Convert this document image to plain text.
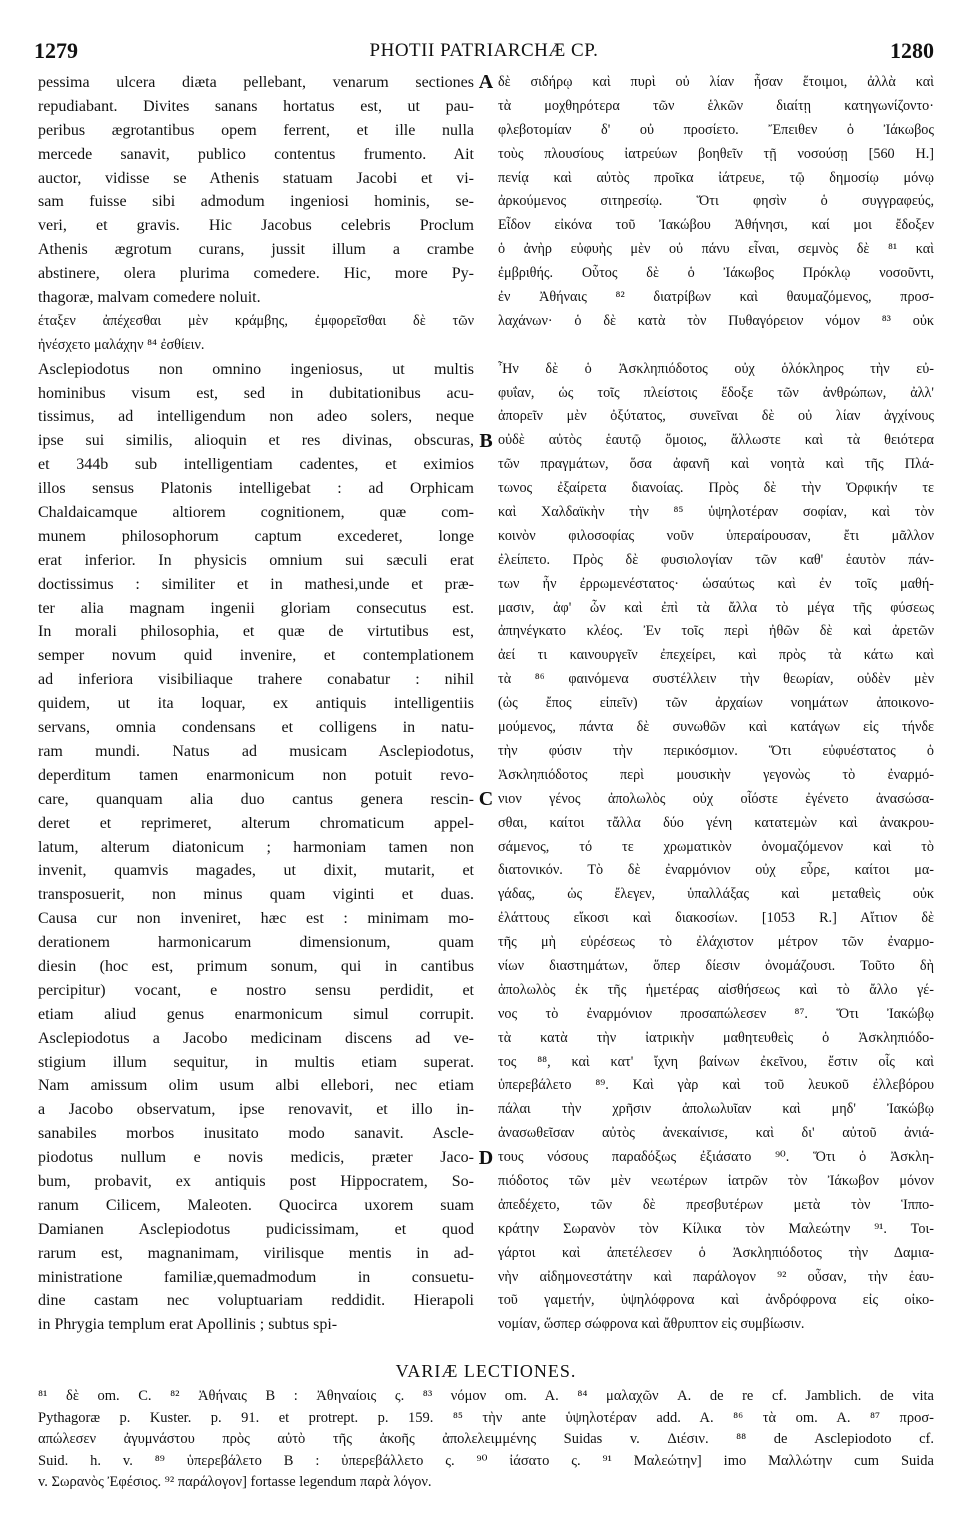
1279	PHOTII PATRIARCHÆ CP.	1280
pessima ulcera diæta pellebant, venarum sectiones
repudiabant. Divites sanans hortatus est, ut pau-
peribus ægrotantibus opem ferrent, et ille nulla
mercede sanavit, publico contentus frumento. Ait
auctor, vidisse se Athenis statuam Jacobi et vi-
sam fuisse sibi admodum ingeniosi hominis, se-
veri, et gravis. Hic Jacobus celebris Proclum
Athenis ægrotum curans, jussit illum a crambe
abstinere, olera plurima comedere. Hic, more Py-
thagoræ, malvam comedere noluit.
έταξεν ἀπέχεσθαι μὲν κράμβης, ἐμφορεῖσθαι δὲ τῶν
ἠνέσχετο μαλάχην ⁸⁴ ἐσθίειν.
Asclepiodotus non omnino ingeniosus, ut multis
hominibus visum est, sed in dubitationibus acu-
tissimus, ad intelligendum non adeo solers, neque
ipse sui similis, alioquin et res divinas, obscuras,
et 344b sub intelligentiam cadentes, et eximios
illos sensus Platonis intelligebat : ad Orphicam
Chaldaicamque altiorem cognitionem, quæ com-
munem philosophorum captum excederet, longe
erat inferior. In physicis omnium sui sæculi erat
doctissimus : similiter et in mathesi,unde et præ-
ter alia magnam ingenii gloriam consecutus est.
In morali philosophia, et quæ de virtutibus est,
semper novum quid invenire, et contemplationem
ad inferiora visibiliaque trahere conabatur : nihil
quidem, ut ita loquar, ex antiquis intelligentiis
servans, omnia condensans et colligens in natu-
ram mundi. Natus ad musicam Asclepiodotus,
deperditum tamen enarmonicum non potuit revo-
care, quanquam alia duo cantus genera rescin-
deret et reprimeret, alterum chromaticum appel-
latum, alterum diatonicum ; harmoniam tamen non
invenit, quamvis magades, ut dixit, mutarit, et
transposuerit, non minus quam viginti et duas.
Causa cur non inveniret, hæc est : minimam mo-
derationem harmonicarum dimensionum, quam
diesin (hoc est, primum sonum, qui in cantibus
percipitur) vocant, e nostro sensu perdidit, et
etiam aliud genus enarmonicum simul corrupit.
Asclepiodotus a Jacobo medicinam discens ad ve-
stigium illum sequitur, in multis etiam superat.
Nam amissum olim usum albi ellebori, nec etiam
a Jacobo observatum, ipse renovavit, et illo in-
sanabiles morbos inusitato modo sanavit. Ascle-
piodotus nullum e novis medicis, præter Jaco-
bum, probavit, ex antiquis post Hippocratem, So-
ranum Cilicem, Maleoten. Quocirca uxorem suam
Damianen Asclepiodotus pudicissimam, et quod
rarum est, magnanimam, virilisque mentis in ad-
ministratione familiæ,quemadmodum in consuetu-
dine castam nec voluptuariam reddidit. Hierapoli
in Phrygia templum erat Apollinis ; subtus spi-
A
B
C
D
δὲ σιδήρῳ καὶ πυρὶ οὐ λίαν ἦσαν ἕτοιμοι, ἀλλὰ καὶ
τὰ μοχθηρότερα τῶν ἑλκῶν διαίτῃ κατηγωνίζοντο·
φλεβοτομίαν δ' οὐ προσίετο. Ἔπειθεν ὁ Ἰάκωβος
τοὺς πλουσίους ἰατρεύων βοηθεῖν τῇ νοσούσῃ [560 H.]
πενίᾳ καὶ αὐτὸς προῖκα ἰάτρευε, τῷ δημοσίῳ μόνῳ
ἀρκούμενος σιτηρεσίῳ. Ὅτι φησὶν ὁ συγγραφεύς,
Εἶδον εἰκόνα τοῦ Ἰακώβου Ἀθήνησι, καί μοι ἔδοξεν
ὁ ἀνὴρ εὐφυὴς μὲν οὐ πάνυ εἶναι, σεμνὸς δὲ ⁸¹ καὶ
ἐμβριθής. Οὗτος δὲ ὁ Ἰάκωβος Πρόκλῳ νοσοῦντι,
ἐν Ἀθήναις ⁸² διατρίβων καὶ θαυμαζόμενος, προσ-
λαχάνων· ὁ δὲ κατὰ τὸν Πυθαγόρειον νόμον ⁸³ οὐκ
Ἦν δὲ ὁ Ἀσκληπιόδοτος οὐχ ὁλόκληρος τὴν εὐ-
φυΐαν, ὡς τοῖς πλείστοις ἔδοξε τῶν ἀνθρώπων, ἀλλ'
ἀπορεῖν μὲν ὀξύτατος, συνεῖναι δὲ οὐ λίαν ἀγχίνους
οὐδὲ αὐτὸς ἑαυτῷ ὅμοιος, ἄλλωστε καὶ τὰ θειότερα
τῶν πραγμάτων, ὅσα ἀφανῆ καὶ νοητὰ καὶ τῆς Πλά-
τωνος ἐξαίρετα διανοίας. Πρὸς δὲ τὴν Ὀρφικήν τε
καὶ Χαλδαϊκὴν τὴν ⁸⁵ ὑψηλοτέραν σοφίαν, καὶ τὸν
κοινὸν φιλοσοφίας νοῦν ὑπεραίρουσαν, ἔτι μᾶλλον
ἐλείπετο. Πρὸς δὲ φυσιολογίαν τῶν καθ' ἑαυτὸν πάν-
των ἦν ἐρρωμενέστατος· ὡσαύτως καὶ ἐν τοῖς μαθή-
μασιν, ἀφ' ὧν καὶ ἐπὶ τὰ ἄλλα τὸ μέγα τῆς φύσεως
ἀπηνέγκατο κλέος. Ἐν τοῖς περὶ ἠθῶν δὲ καὶ ἀρετῶν
ἀεί τι καινουργεῖν ἐπεχείρει, καὶ πρὸς τὰ κάτω καὶ
τὰ ⁸⁶ φαινόμενα συστέλλειν τὴν θεωρίαν, οὐδὲν μὲν
(ὡς ἔπος εἰπεῖν) τῶν ἀρχαίων νοημάτων ἀποικονο-
μούμενος, πάντα δὲ συνωθῶν καὶ κατάγων εἰς τήνδε
τὴν φύσιν τὴν περικόσμιον. Ὅτι εὐφυέστατος ὁ
Ἀσκληπιόδοτος περὶ μουσικὴν γεγονὼς τὸ ἐναρμό-
νιον γένος ἀπολωλὸς οὐχ οἷόστε ἐγένετο ἀνασώσα-
σθαι, καίτοι τἄλλα δύο γένη κατατεμὼν καὶ ἀνακρου-
σάμενος, τό τε χρωματικὸν ὀνομαζόμενον καὶ τὸ
διατονικόν. Τὸ δὲ ἐναρμόνιον οὐχ εὗρε, καίτοι μα-
γάδας, ὡς ἔλεγεν, ὑπαλλάξας καὶ μεταθεὶς οὐκ
ἐλάττους εἴκοσι καὶ διακοσίων. [1053 R.] Αἴτιον δὲ
τῆς μὴ εὑρέσεως τὸ ἐλάχιστον μέτρον τῶν ἐναρμο-
νίων διαστημάτων, ὅπερ δίεσιν ὀνομάζουσι. Τοῦτο δὴ
ἀπολωλὸς ἐκ τῆς ἡμετέρας αἰσθήσεως καὶ τὸ ἄλλο γέ-
νος τὸ ἐναρμόνιον προσαπώλεσεν ⁸⁷. Ὅτι Ἰακώβῳ
τὰ κατὰ τὴν ἰατρικὴν μαθητευθεὶς ὁ Ἀσκληπιόδο-
τος ⁸⁸, καὶ κατ' ἴχνη βαίνων ἐκεῖνου, ἔστιν οἷς καὶ
ὑπερεβάλετο ⁸⁹. Καὶ γὰρ καὶ τοῦ λευκοῦ ἐλλεβόρου
πάλαι τὴν χρῆσιν ἀπολωλυῖαν καὶ μηδ' Ἰακώβῳ
ἀνασωθεῖσαν αὐτὸς ἀνεκαίνισε, καὶ δι' αὐτοῦ ἀνιά-
τους νόσους παραδόξως ἐξιάσατο ⁹⁰. Ὅτι ὁ Ἀσκλη-
πιόδοτος τῶν μὲν νεωτέρων ἰατρῶν τὸν Ἰάκωβον μόνον
ἀπεδέχετο, τῶν δὲ πρεσβυτέρων μετὰ τὸν Ἱππο-
κράτην Σωρανὸν τὸν Κίλικα τὸν Μαλεώτην ⁹¹. Τοι-
γάρτοι καὶ ἀπετέλεσεν ὁ Ἀσκληπιόδοτος τὴν Δαμια-
νὴν αἰδημονεστάτην καὶ παράλογον ⁹² οὖσαν, τὴν ἑαυ-
τοῦ γαμετήν, ὑψηλόφρονα καὶ ἀνδρόφρονα εἰς οἰκο-
νομίαν, ὥσπερ σώφρονα καὶ ἄθρυπτον εἰς συμβίωσιν.
VARIÆ LECTIONES.
⁸¹ δὲ om. C. ⁸² Ἀθήναις B : Ἀθηναίοις ς. ⁸³ νόμον om. A. ⁸⁴ μαλαχῶν A. de re cf. Jamblich. de vita
Pythagoræ p. Kuster. p. 91. et protrept. p. 159. ⁸⁵ τὴν ante ὑψηλοτέραν add. A. ⁸⁶ τὰ om. A. ⁸⁷ προσ-
απώλεσεν ἀγυμνάστου πρὸς αὐτὸ τῆς ἀκοῆς ἀπολελειμμένης Suidas v. Διέσιν. ⁸⁸ de Asclepiodoto cf.
Suid. h. v. ⁸⁹ ὑπερεβάλετο B : ὑπερεβάλλετο ς. ⁹⁰ ἰάσατο ς. ⁹¹ Μαλεώτην] imo Μαλλώτην cum Suida
v. Σωρανὸς Ἐφέσιος. ⁹² παράλογον] fortasse legendum παρὰ λόγον.
